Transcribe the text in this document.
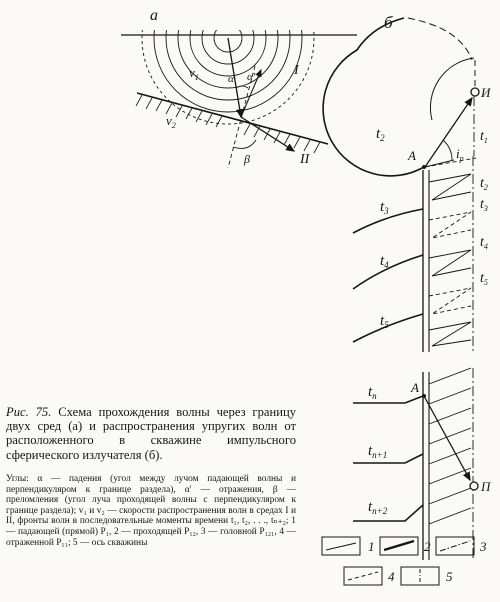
а
$v_1$
$v_2$
I
II
α α′
β
б
И
A
A
П
$i_p$
$t_1$
$t_2$
$t_2$
$t_3$	$t_3$
$t_4$
$t_4$
$t_5$
$t_5$
$t_n$
$t_{n+1}$
$t_{n+2}$
1	2	3
4	5
Рис. 75. Схема прохождения волны через границу двух сред (а) и распространения упругих волн от расположенного в скважине импульсного сферического излучателя (б).
Углы: α — падения (угол между лучом падающей волны и перпендикуляром к границе раздела), α′ — отражения, β — преломления (угол луча проходящей волны с перпендикуляром к границе раздела); v₁ и v₂ — скорости распространения волн в средах I и II, фронты волн в последовательные моменты времени t₁, t₂, . . ., tₙ₊₂; 1 — падающей (прямой) P₁, 2 — проходящей P₁₂, 3 — головной P₁₂₁, 4 — отраженной P₁₁; 5 — ось скважины
